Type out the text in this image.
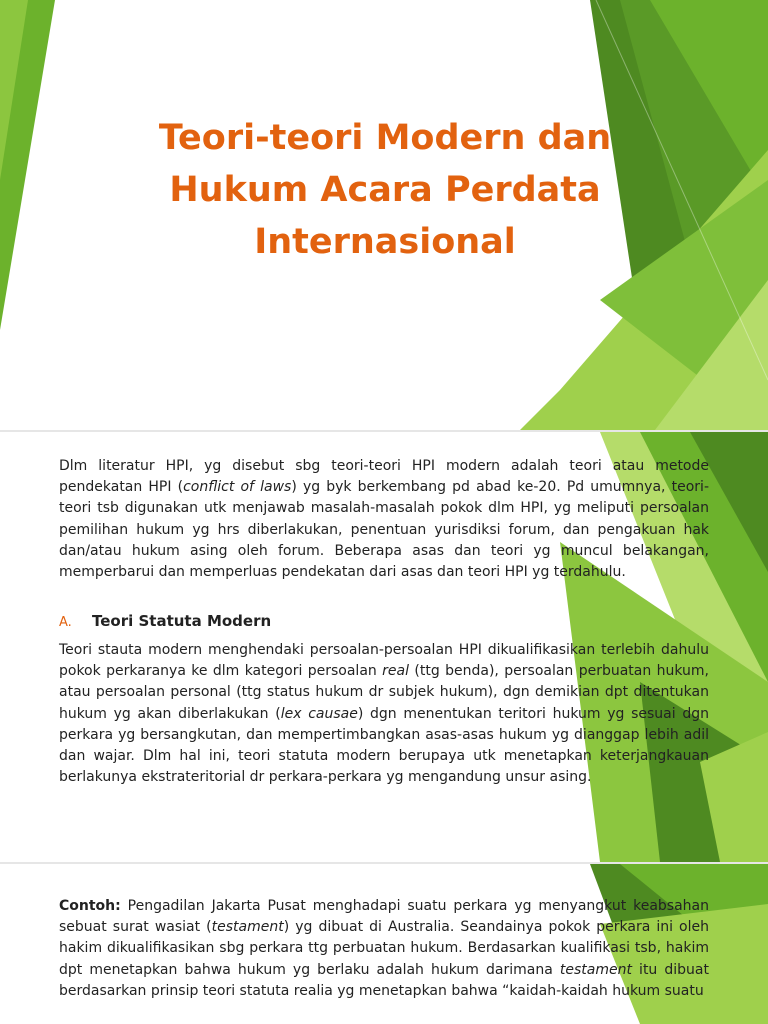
Teori-teori Modern dan Hukum Acara Perdata Internasional

Dlm literatur HPI, yg disebut sbg teori-teori HPI modern adalah teori atau metode pendekatan HPI (conflict of laws) yg byk berkembang pd abad ke-20. Pd umumnya, teori-teori tsb digunakan utk menjawab masalah-masalah pokok dlm HPI, yg meliputi persoalan pemilihan hukum yg hrs diberlakukan, penentuan yurisdiksi forum, dan pengakuan hak dan/atau hukum asing oleh forum. Beberapa asas dan teori yg muncul belakangan, memperbarui dan memperluas pendekatan dari asas dan teori HPI yg terdahulu.

A. Teori Statuta Modern

Teori stauta modern menghendaki persoalan-persoalan HPI dikualifikasikan terlebih dahulu pokok perkaranya ke dlm kategori persoalan real (ttg benda), persoalan perbuatan hukum, atau persoalan personal (ttg status hukum dr subjek hukum), dgn demikian dpt ditentukan hukum yg akan diberlakukan (lex causae) dgn menentukan teritori hukum yg sesuai dgn perkara yg bersangkutan, dan mempertimbangkan asas-asas hukum yg dianggap lebih adil dan wajar. Dlm hal ini, teori statuta modern berupaya utk menetapkan keterjangkauan berlakunya ekstrateritorial dr perkara-perkara yg mengandung unsur asing.

Contoh: Pengadilan Jakarta Pusat menghadapi suatu perkara yg menyangkut keabsahan sebuat surat wasiat (testament) yg dibuat di Australia. Seandainya pokok perkara ini oleh hakim dikualifikasikan sbg perkara ttg perbuatan hukum. Berdasarkan kualifikasi tsb, hakim dpt menetapkan bahwa hukum yg berlaku adalah hukum darimana testament itu dibuat berdasarkan prinsip teori statuta realia yg menetapkan bahwa “kaidah-kaidah hukum suatu
